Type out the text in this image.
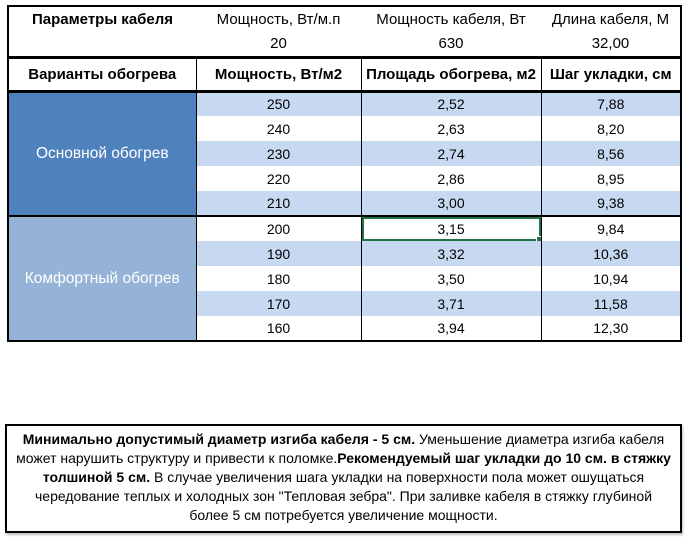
Параметры кабеля	Мощность, Вт/м.п	Мощность кабеля, Вт	Длина кабеля, М
	20	630	32,00
Варианты обогрева	Мощность, Вт/м2	Площадь обогрева, м2	Шаг укладки, см
Основной обогрев	250	2,52	7,88
	240	2,63	8,20
	230	2,74	8,56
	220	2,86	8,95
	210	3,00	9,38
Комфортный обогрев	200	3,15	9,84
	190	3,32	10,36
	180	3,50	10,94
	170	3,71	11,58
	160	3,94	12,30

Минимально допустимый диаметр изгиба кабеля - 5 см. Уменьшение диаметра изгиба кабеля может нарушить структуру и привести к поломке.Рекомендуемый шаг укладки до 10 см. в стяжку толшиной 5 см. В случае увеличения шага укладки на поверхности пола может ошущаться чередование теплых и холодных зон "Тепловая зебра". При заливке кабеля в стяжку глубиной более 5 см потребуется увеличение мощности.
